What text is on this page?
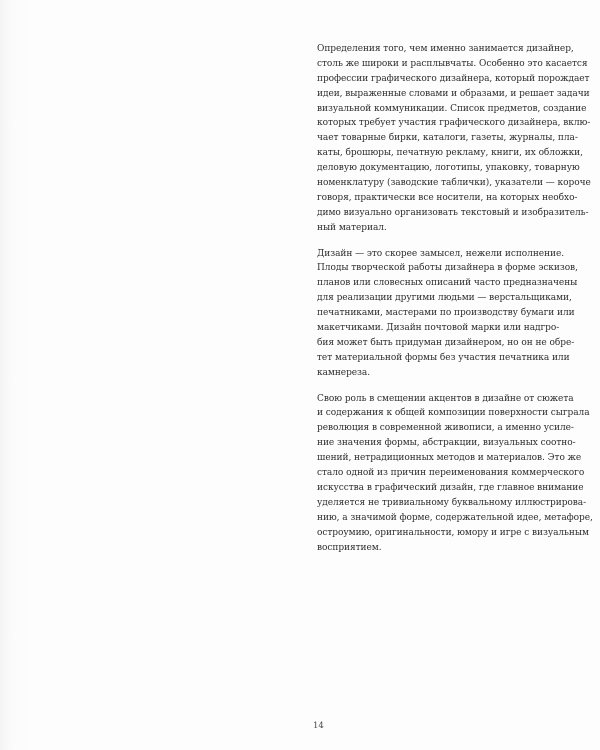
Определения того, чем именно занимается дизайнер,
столь же широки и расплывчаты. Особенно это касается
профессии графического дизайнера, который порождает
идеи, выраженные словами и образами, и решает задачи
визуальной коммуникации. Список предметов, создание
которых требует участия графического дизайнера, вклю-
чает товарные бирки, каталоги, газеты, журналы, пла-
каты, брошюры, печатную рекламу, книги, их обложки,
деловую документацию, логотипы, упаковку, товарную
номенклатуру (заводские таблички), указатели — короче
говоря, практически все носители, на которых необхо-
димо визуально организовать текстовый и изобразитель-
ный материал.
Дизайн — это скорее замысел, нежели исполнение.
Плоды творческой работы дизайнера в форме эскизов,
планов или словесных описаний часто предназначены
для реализации другими людьми — верстальщиками,
печатниками, мастерами по производству бумаги или
макетчиками. Дизайн почтовой марки или надгро-
бия может быть придуман дизайнером, но он не обре-
тет материальной формы без участия печатника или
камнереза.
Свою роль в смещении акцентов в дизайне от сюжета
и содержания к общей композиции поверхности сыграла
революция в современной живописи, а именно усиле-
ние значения формы, абстракции, визуальных соотно-
шений, нетрадиционных методов и материалов. Это же
стало одной из причин переименования коммерческого
искусства в графический дизайн, где главное внимание
уделяется не тривиальному буквальному иллюстрирова-
нию, а значимой форме, содержательной идее, метафоре,
остроумию, оригинальности, юмору и игре с визуальным
восприятием.
14
